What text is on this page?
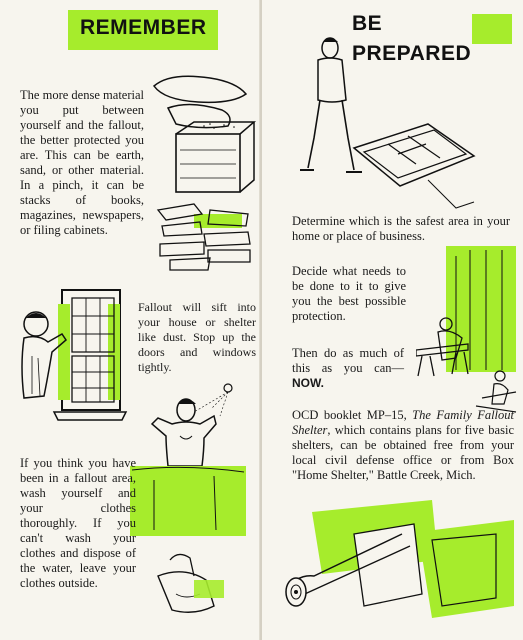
REMEMBER

The more dense material you put between yourself and the fallout, the better protected you are. This can be earth, sand, or other material. In a pinch, it can be stacks of books, magazines, newspapers, or filing cabinets.

Fallout will sift into your house or shelter like dust. Stop up the doors and windows tightly.

If you think you have been in a fallout area, wash yourself and your clothes thoroughly. If you can't wash your clothes and dispose of the water, leave your clothes outside.

BE
PREPARED

Determine which is the safest area in your home or place of business.

Decide what needs to be done to it to give you the best possible protection.

Then do as much of this as you can— NOW.

OCD booklet MP–15, The Family Fallout Shelter, which contains plans for five basic shelters, can be obtained free from your local civil defense office or from Box "Home Shelter," Battle Creek, Mich.
